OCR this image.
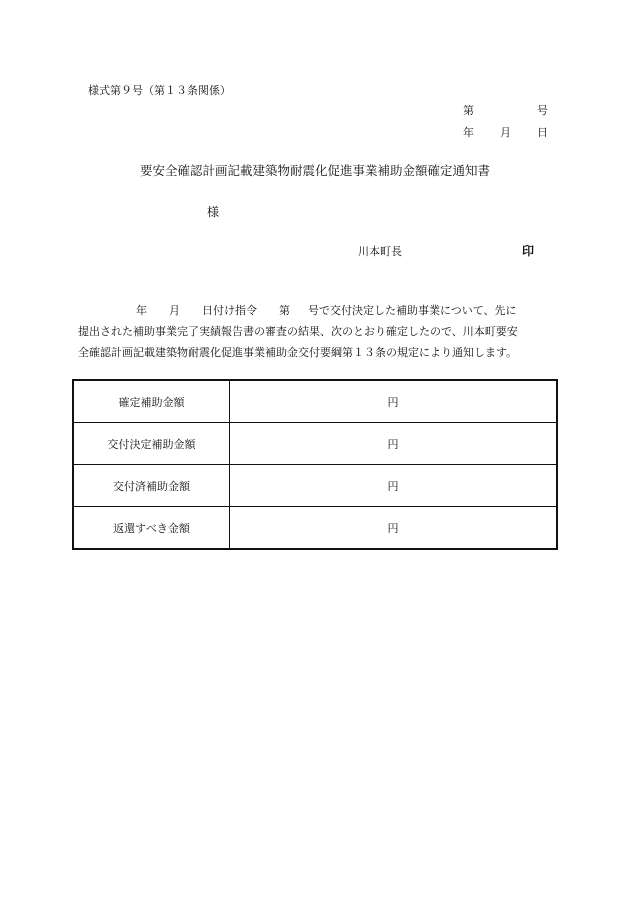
様式第９号（第１３条関係）
第	号
年 月 日
要安全確認計画記載建築物耐震化促進事業補助金額確定通知書
様
川本町長	印
年 月 日付け指令 第 号で交付決定した補助事業について、先に
提出された補助事業完了実績報告書の審査の結果、次のとおり確定したので、川本町要安
全確認計画記載建築物耐震化促進事業補助金交付要綱第１３条の規定により通知します。
確定補助金額	円
交付決定補助金額	円
交付済補助金額	円
返還すべき金額	円
